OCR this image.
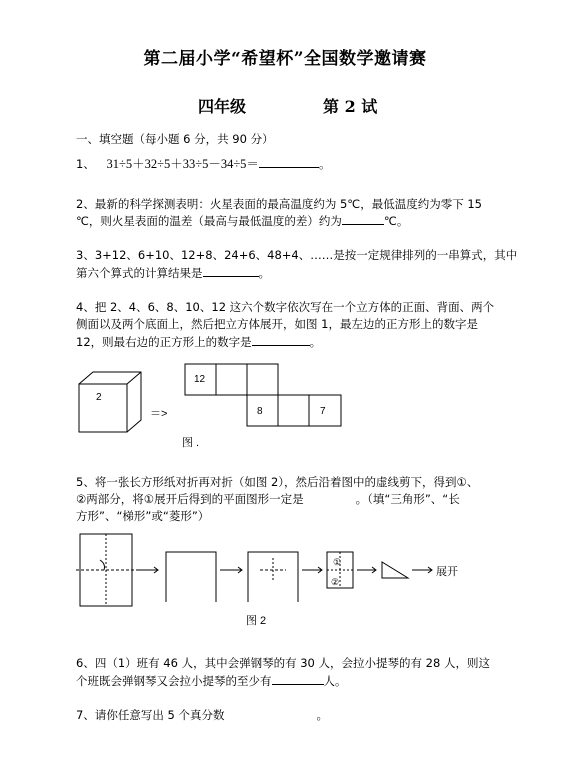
第二届小学“希望杯”全国数学邀请赛
四年级	第 2 试
一、填空题（每小题 6 分，共 90 分）
1、 31÷5＋32÷5＋33÷5－34÷5＝	。
2、最新的科学探测表明：火星表面的最高温度约为 5℃，最低温度约为零下 15
℃，则火星表面的温差（最高与最低温度的差）约为	℃。
3、3+12、6+10、12+8、24+6、48+4、……是按一定规律排列的一串算式，其中
第六个算式的计算结果是	。
4、把 2、4、6、8、10、12 这六个数字依次写在一个立方体的正面、背面、两个
侧面以及两个底面上，然后把立方体展开，如图 1，最左边的正方形上的数字是
12，则最右边的正方形上的数字是	。
2
＝>
12
8	7
图 .
5、将一张长方形纸对折再对折（如图 2），然后沿着图中的虚线剪下，得到①、
②两部分，将①展开后得到的平面图形一定是	。（填“三角形”、“长
方形”、“梯形”或“菱形”）
①
②
展开
图 2
6、四（1）班有 46 人，其中会弹钢琴的有 30 人，会拉小提琴的有 28 人，则这
个班既会弹钢琴又会拉小提琴的至少有	人。
7、请你任意写出 5 个真分数	。
